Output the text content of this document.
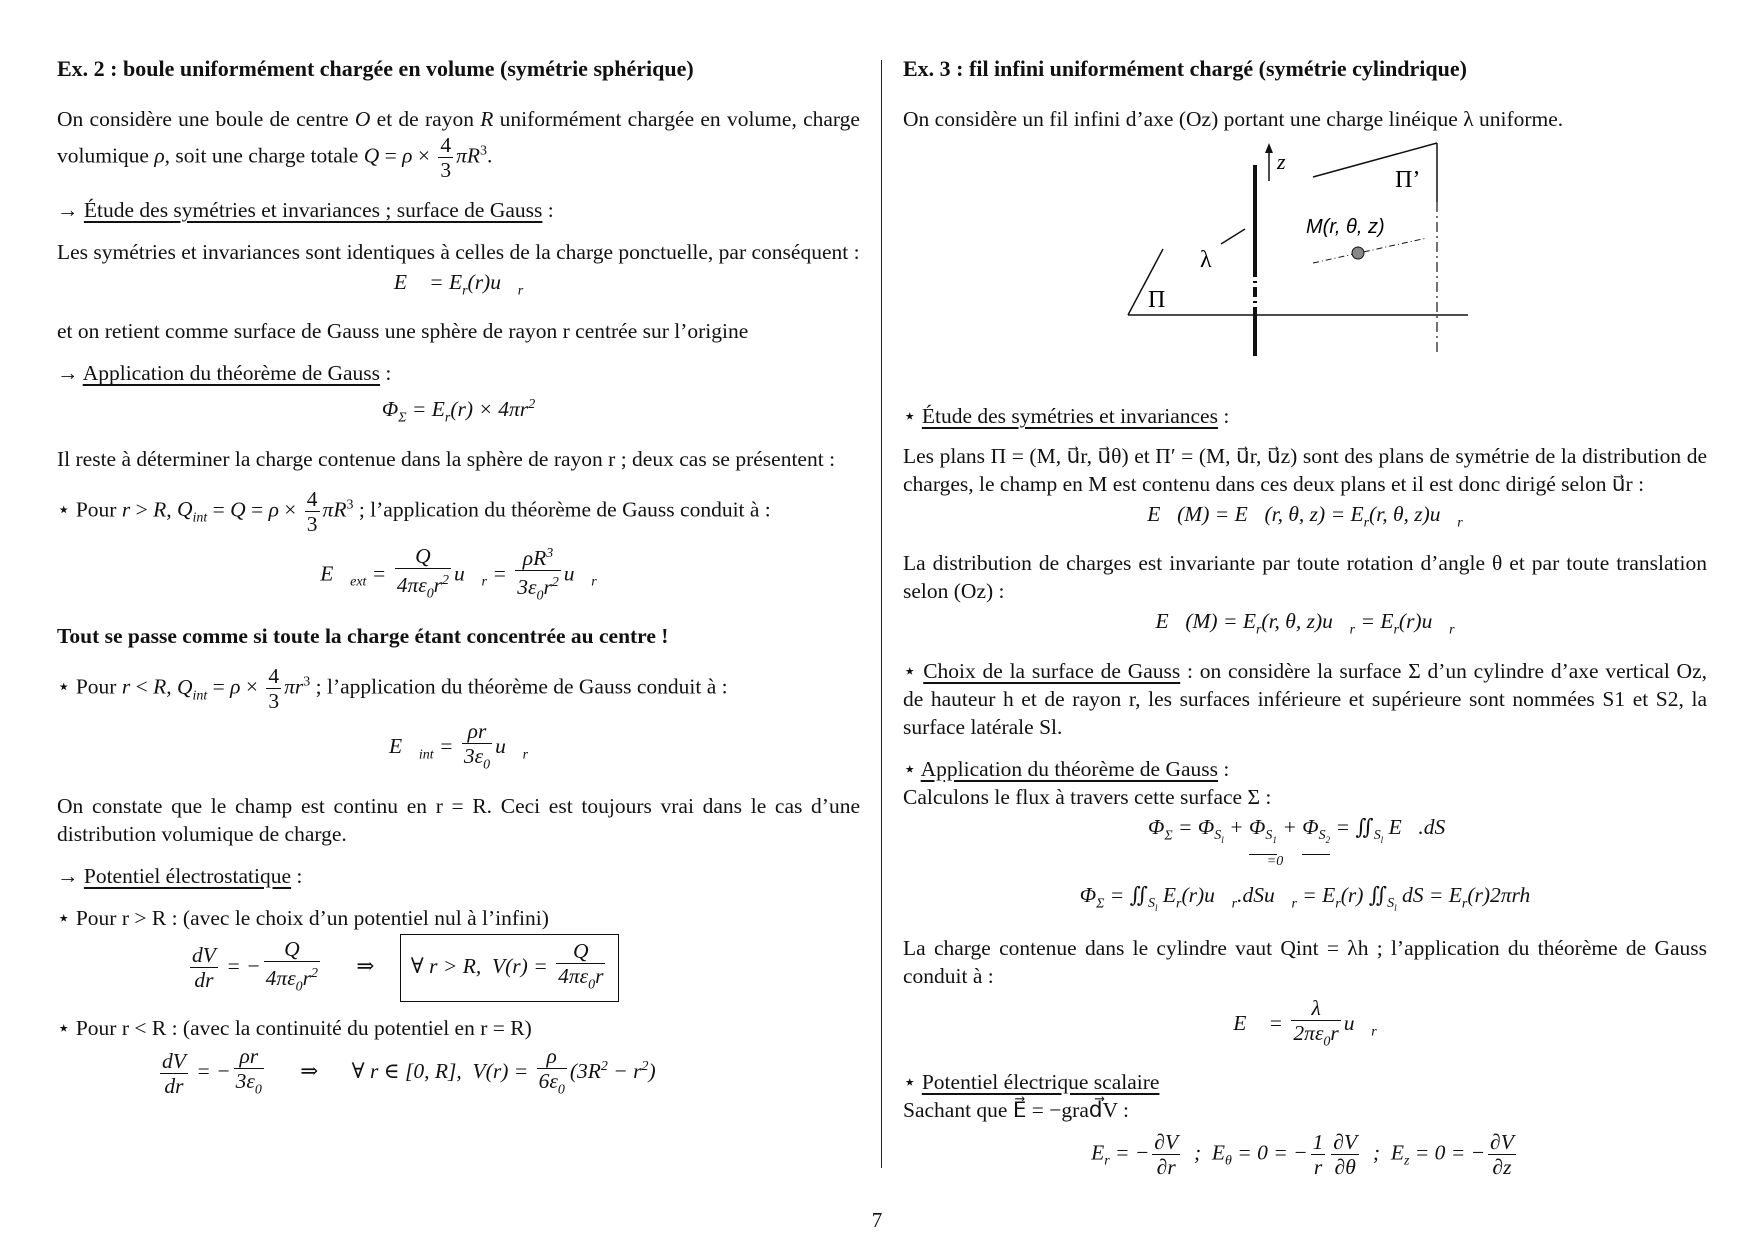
Ex. 2 : boule uniformément chargée en volume (symétrie sphérique)

On considère une boule de centre O et de rayon R uniformément chargée en volume, charge volumique ρ, soit une charge totale $Q = \rho \times \frac{4}{3} \pi R^3$.

→ Étude des symétries et invariances ; surface de Gauss :

Les symétries et invariances sont identiques à celles de la charge ponctuelle, par conséquent :

E⃗ = $E_r(r)u⃗_r$

et on retient comme surface de Gauss une sphère de rayon r centrée sur l’origine

→ Application du théorème de Gauss :

$\Phi_\Sigma = E_r(r) \times 4\pi r^2$

Il reste à déterminer la charge contenue dans la sphère de rayon r ; deux cas se présentent :

⋆ Pour r > R, $Q_{int} = Q = \rho \times \frac{4}{3} \pi R^3$ ; l’application du théorème de Gauss conduit à :

$E⃗_{ext} = \frac{Q}{4\pi\varepsilon_0r^2}$ $u⃗_r = \frac{\rho R^3}{3\varepsilon_0r^2}$ $u⃗_r$

Tout se passe comme si toute la charge étant concentrée au centre !

⋆ Pour r < R, $Q_{int} = \rho \times \frac{4}{3} \pi r^3$ ; l’application du théorème de Gauss conduit à :

$E⃗_{int} = \frac{\rho r}{3\varepsilon_0}$ $u⃗_r$

On constate que le champ est continu en r = R. Ceci est toujours vrai dans le cas d’une distribution volumique de charge.

→ Potentiel électrostatique :

⋆ Pour r > R : (avec le choix d’un potentiel nul à l’infini)

$\frac{dV}{dr}$ = − $\frac{Q}{4\pi\varepsilon_0r^2}$ ⇒ ∀ r > R,  $V(r) = \frac{Q}{4\pi\varepsilon_0r}$

⋆ Pour r < R : (avec la continuité du potentiel en r = R)

$\frac{dV}{dr}$ = − $\frac{\rho r}{3\varepsilon_0}$ ⇒ ∀ r ∈ [0, R],  $V(r) = \frac{\rho}{6\varepsilon_0} (3R^2 - r^2)$
Ex. 3 : fil infini uniformément chargé (symétrie cylindrique)

On considère un fil infini d’axe (Oz) portant une charge linéique λ uniforme.

z
Π’
M(r, θ, z)
λ
Π

⋆ Étude des symétries et invariances :

Les plans Π = (M, u⃗r, u⃗θ) et Π′ = (M, u⃗r, u⃗z) sont des plans de symétrie de la distribution de charges, le champ en M est contenu dans ces deux plans et il est donc dirigé selon u⃗r :

E⃗(M) = E⃗(r, θ, $z) = E_r(r$, θ, $z)u⃗_r$

La distribution de charges est invariante par toute rotation d’angle θ et par toute translation selon (Oz) :

E⃗(M) = $E_r(r$, θ, $z)u⃗_r$ = $E_r(r)u⃗_r$

⋆ Choix de la surface de Gauss : on considère la surface Σ d’un cylindre d’axe vertical Oz, de hauteur h et de rayon r, les surfaces inférieure et supérieure sont nommées S1 et S2, la surface latérale Sl.

⋆ Application du théorème de Gauss :

Calculons le flux à travers cette surface Σ :

$\Phi_\Sigma = \Phi_{S_l} + \Phi_{S_1} + \Phi_{S_2}$ = $∬_{S_l}$ E⃗.dS⃗
=0
$\Phi_\Sigma$ = $∬_{S_l}$ $E_r(r)u⃗_r.dSu⃗_r = E_r(r)$ $∬_{S_l}$ dS = $E_r(r)2\pi rh$

La charge contenue dans le cylindre vaut Qint = λh ; l’application du théorème de Gauss conduit à :

E⃗ = $\frac{\lambda}{2\pi\varepsilon_0r}$ $u⃗_r$

⋆ Potentiel électrique scalaire

Sachant que E⃗ = −grad⃗V :

$E_r$ = − $\frac{\partial V}{\partial r}$ ;  $E_\theta = 0$ = − $\frac{1}{r} \frac{\partial V}{\partial\theta}$ ;  $E_z = 0$ = − $\frac{\partial V}{\partial z}$
7
